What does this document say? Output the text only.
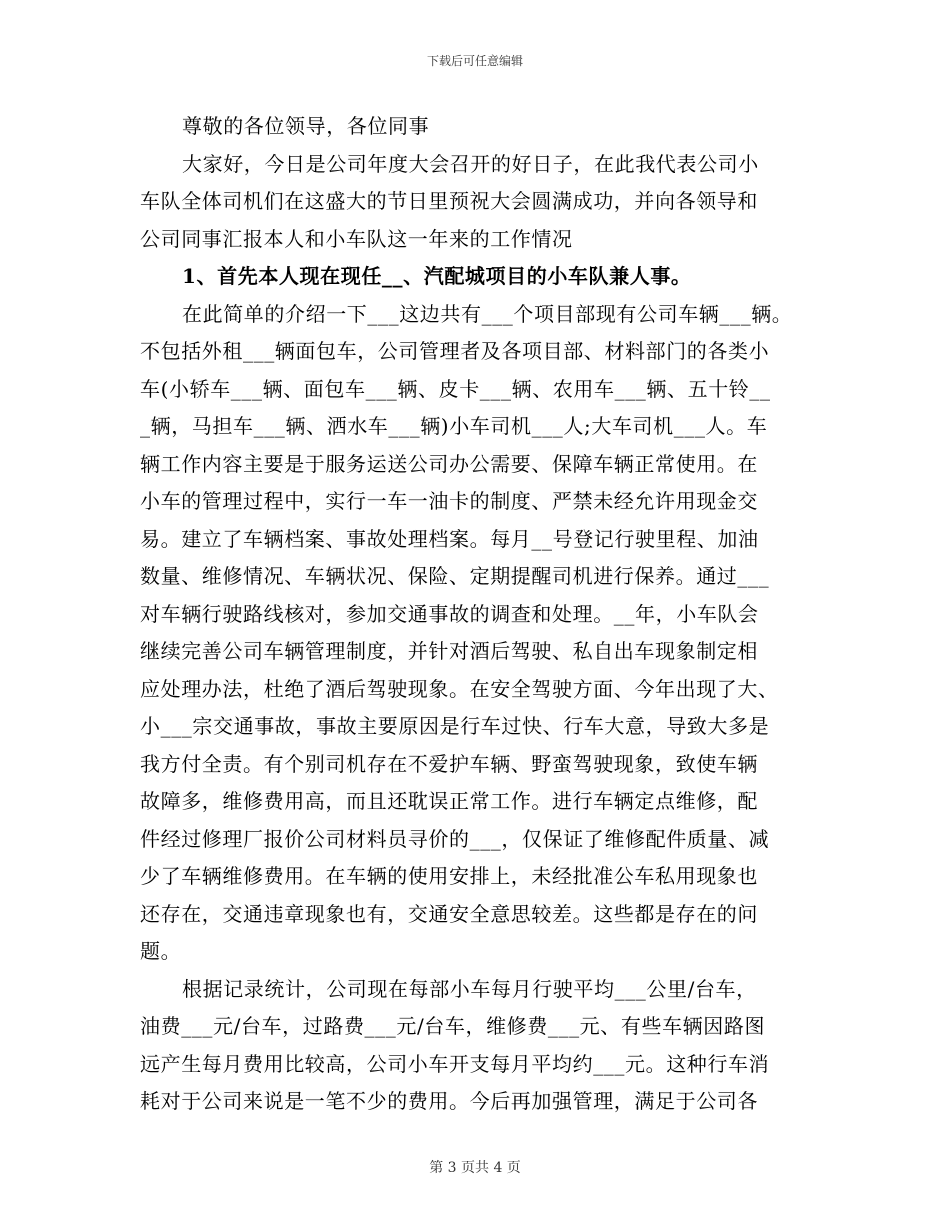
下载后可任意编辑
尊敬的各位领导，各位同事
大家好，今日是公司年度大会召开的好日子，在此我代表公司小
车队全体司机们在这盛大的节日里预祝大会圆满成功，并向各领导和
公司同事汇报本人和小车队这一年来的工作情况
1、首先本人现在现任__、汽配城项目的小车队兼人事。
在此简单的介绍一下___这边共有___个项目部现有公司车辆___辆。
不包括外租___辆面包车，公司管理者及各项目部、材料部门的各类小
车(小轿车___辆、面包车___辆、皮卡___辆、农用车___辆、五十铃__
_辆，马担车___辆、洒水车___辆)小车司机___人;大车司机___人。车
辆工作内容主要是于服务运送公司办公需要、保障车辆正常使用。在
小车的管理过程中，实行一车一油卡的制度、严禁未经允许用现金交
易。建立了车辆档案、事故处理档案。每月__号登记行驶里程、加油
数量、维修情况、车辆状况、保险、定期提醒司机进行保养。通过___
对车辆行驶路线核对，参加交通事故的调查和处理。__年，小车队会
继续完善公司车辆管理制度，并针对酒后驾驶、私自出车现象制定相
应处理办法，杜绝了酒后驾驶现象。在安全驾驶方面、今年出现了大、
小___宗交通事故，事故主要原因是行车过快、行车大意，导致大多是
我方付全责。有个别司机存在不爱护车辆、野蛮驾驶现象，致使车辆
故障多，维修费用高，而且还耽误正常工作。进行车辆定点维修，配
件经过修理厂报价公司材料员寻价的___，仅保证了维修配件质量、减
少了车辆维修费用。在车辆的使用安排上，未经批准公车私用现象也
还存在，交通违章现象也有，交通安全意思较差。这些都是存在的问
题。
根据记录统计，公司现在每部小车每月行驶平均___公里/台车，
油费___元/台车，过路费___元/台车，维修费___元、有些车辆因路图
远产生每月费用比较高，公司小车开支每月平均约___元。这种行车消
耗对于公司来说是一笔不少的费用。今后再加强管理，满足于公司各
第 3 页共 4 页
